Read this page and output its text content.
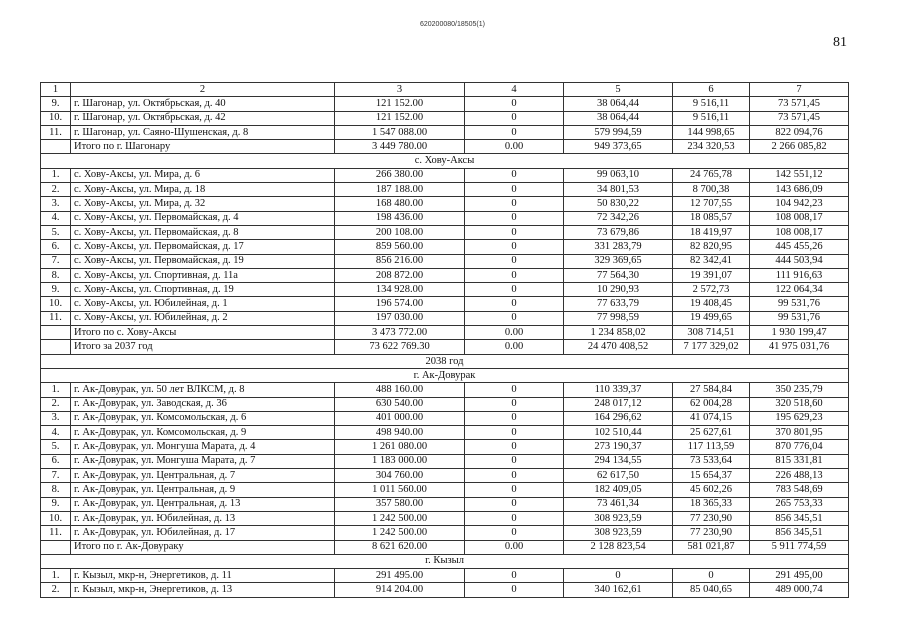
620200080/18505(1)
81
1	2	3	4	5	6	7
9.	г. Шагонар, ул. Октябрьская, д. 40	121 152.00	0	38 064,44	9 516,11	73 571,45
10.	г. Шагонар, ул. Октябрьская, д. 42	121 152.00	0	38 064,44	9 516,11	73 571,45
11.	г. Шагонар, ул. Саяно-Шушенская, д. 8	1 547 088.00	0	579 994,59	144 998,65	822 094,76
	Итого по г. Шагонару	3 449 780.00	0.00	949 373,65	234 320,53	2 266 085,82
с. Хову-Аксы						
1.	с. Хову-Аксы, ул. Мира, д. 6	266 380.00	0	99 063,10	24 765,78	142 551,12
2.	с. Хову-Аксы, ул. Мира, д. 18	187 188.00	0	34 801,53	8 700,38	143 686,09
3.	с. Хову-Аксы, ул. Мира, д. 32	168 480.00	0	50 830,22	12 707,55	104 942,23
4.	с. Хову-Аксы, ул. Первомайская, д. 4	198 436.00	0	72 342,26	18 085,57	108 008,17
5.	с. Хову-Аксы, ул. Первомайская, д. 8	200 108.00	0	73 679,86	18 419,97	108 008,17
6.	с. Хову-Аксы, ул. Первомайская, д. 17	859 560.00	0	331 283,79	82 820,95	445 455,26
7.	с. Хову-Аксы, ул. Первомайская, д. 19	856 216.00	0	329 369,65	82 342,41	444 503,94
8.	с. Хову-Аксы, ул. Спортивная, д. 11а	208 872.00	0	77 564,30	19 391,07	111 916,63
9.	с. Хову-Аксы, ул. Спортивная, д. 19	134 928.00	0	10 290,93	2 572,73	122 064,34
10.	с. Хову-Аксы, ул. Юбилейная, д. 1	196 574.00	0	77 633,79	19 408,45	99 531,76
11.	с. Хову-Аксы, ул. Юбилейная, д. 2	197 030.00	0	77 998,59	19 499,65	99 531,76
	Итого по с. Хову-Аксы	3 473 772.00	0.00	1 234 858,02	308 714,51	1 930 199,47
	Итого за 2037 год	73 622 769.30	0.00	24 470 408,52	7 177 329,02	41 975 031,76
2038 год						
г. Ак-Довурак						
1.	г. Ак-Довурак, ул. 50 лет ВЛКСМ, д. 8	488 160.00	0	110 339,37	27 584,84	350 235,79
2.	г. Ак-Довурак, ул. Заводская, д. 36	630 540.00	0	248 017,12	62 004,28	320 518,60
3.	г. Ак-Довурак, ул. Комсомольская, д. 6	401 000.00	0	164 296,62	41 074,15	195 629,23
4.	г. Ак-Довурак, ул. Комсомольская, д. 9	498 940.00	0	102 510,44	25 627,61	370 801,95
5.	г. Ак-Довурак, ул. Монгуша Марата, д. 4	1 261 080.00	0	273 190,37	117 113,59	870 776,04
6.	г. Ак-Довурак, ул. Монгуша Марата, д. 7	1 183 000.00	0	294 134,55	73 533,64	815 331,81
7.	г. Ак-Довурак, ул. Центральная, д. 7	304 760.00	0	62 617,50	15 654,37	226 488,13
8.	г. Ак-Довурак, ул. Центральная, д. 9	1 011 560.00	0	182 409,05	45 602,26	783 548,69
9.	г. Ак-Довурак, ул. Центральная, д. 13	357 580.00	0	73 461,34	18 365,33	265 753,33
10.	г. Ак-Довурак, ул. Юбилейная, д. 13	1 242 500.00	0	308 923,59	77 230,90	856 345,51
11.	г. Ак-Довурак, ул. Юбилейная, д. 17	1 242 500.00	0	308 923,59	77 230,90	856 345,51
	Итого по г. Ак-Довураку	8 621 620.00	0.00	2 128 823,54	581 021,87	5 911 774,59
г. Кызыл						
1.	г. Кызыл, мкр-н, Энергетиков, д. 11	291 495.00	0	0	0	291 495,00
2.	г. Кызыл, мкр-н, Энергетиков, д. 13	914 204.00	0	340 162,61	85 040,65	489 000,74
